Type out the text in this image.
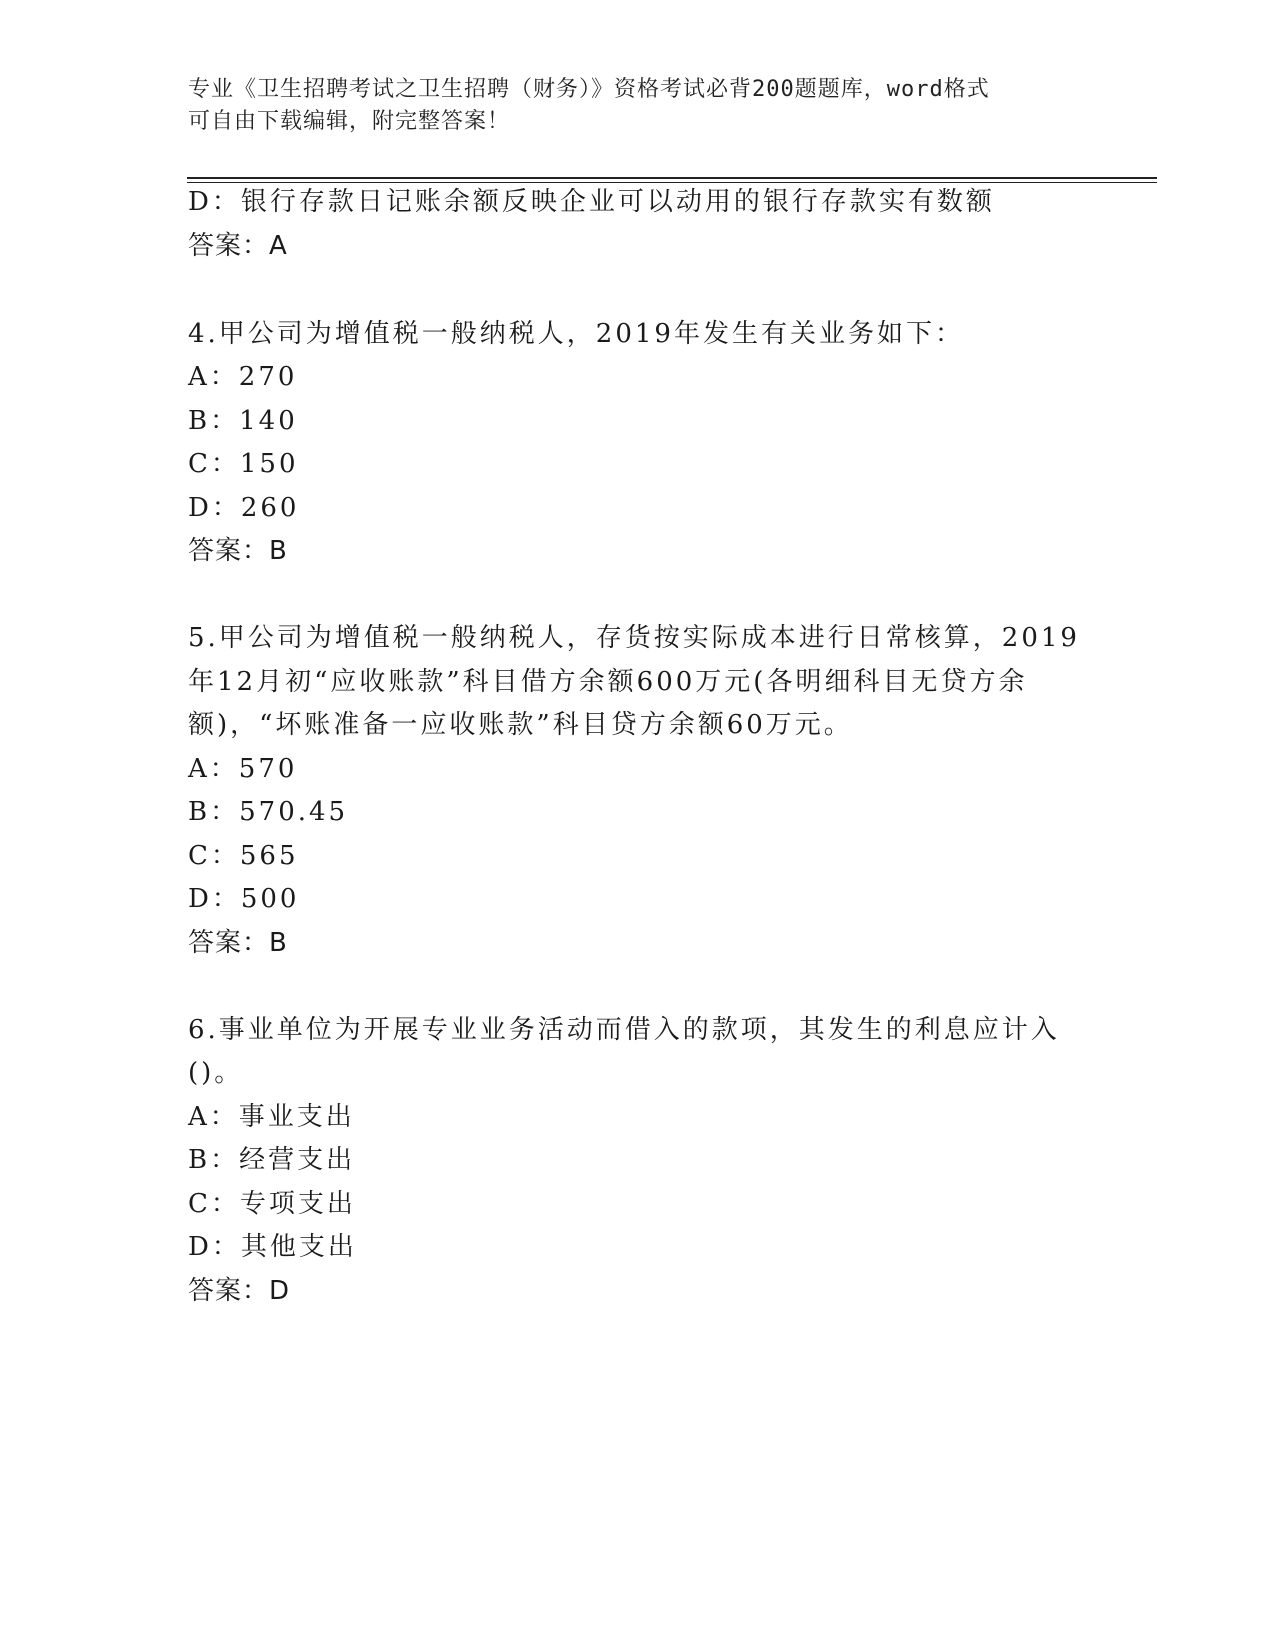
专业《卫生招聘考试之卫生招聘（财务）》资格考试必背200题题库，word格式

可自由下载编辑，附完整答案！

D：银行存款日记账余额反映企业可以动用的银行存款实有数额

答案：A

4.甲公司为增值税一般纳税人，2019年发生有关业务如下：

A：270

B：140

C：150

D：260

答案：B

5.甲公司为增值税一般纳税人，存货按实际成本进行日常核算，2019

年12月初“应收账款”科目借方余额600万元(各明细科目无贷方余

额)，“坏账准备一应收账款”科目贷方余额60万元。

A：570

B：570.45

C：565

D：500

答案：B

6.事业单位为开展专业业务活动而借入的款项，其发生的利息应计入

()。

A：事业支出

B：经营支出

C：专项支出

D：其他支出

答案：D
